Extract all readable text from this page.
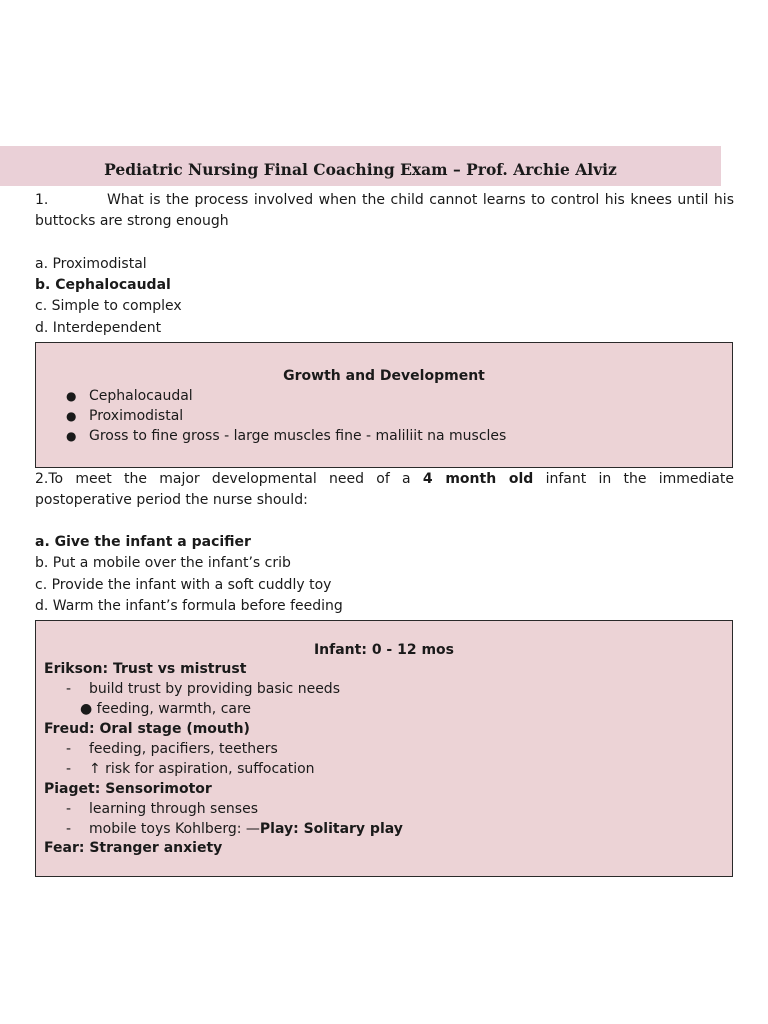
Pediatric Nursing Final Coaching Exam – Prof. Archie Alviz
1.	What is the process involved when the child cannot learns to control his knees until his
buttocks are strong enough
a. Proximodistal
b. Cephalocaudal
c. Simple to complex
d. Interdependent
Growth and Development
● Cephalocaudal
● Proximodistal
● Gross to fine gross - large muscles fine - maliliit na muscles
2.To meet the major developmental need of a 4 month old infant in the immediate
postoperative period the nurse should:
a. Give the infant a pacifier
b. Put a mobile over the infant’s crib
c. Provide the infant with a soft cuddly toy
d. Warm the infant’s formula before feeding
Infant: 0 - 12 mos
Erikson: Trust vs mistrust
- build trust by providing basic needs
● feeding, warmth, care
Freud: Oral stage (mouth)
- feeding, pacifiers, teethers
- ↑ risk for aspiration, suffocation
Piaget: Sensorimotor
- learning through senses
- mobile toys Kohlberg: —Play: Solitary play
Fear: Stranger anxiety
